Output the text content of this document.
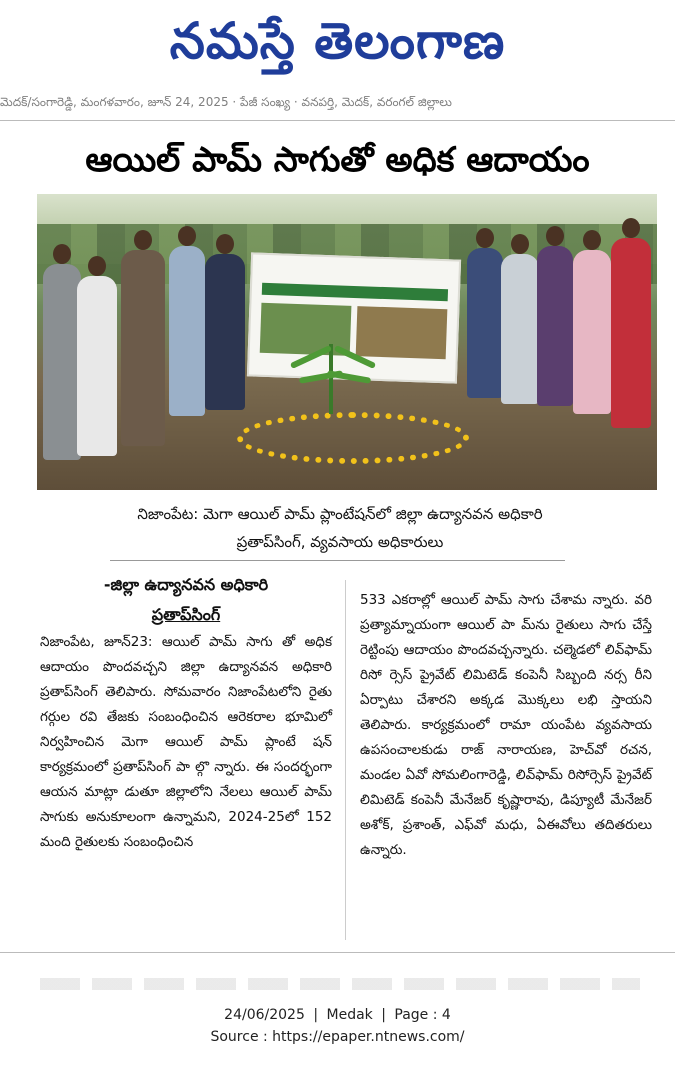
నమస్తే తెలంగాణ
మెదక్/సంగారెడ్డి, మంగళవారం, జూన్ 24, 2025 · పేజీ సంఖ్య · వనపర్తి, మెదక్, వరంగల్ జిల్లాలు
ఆయిల్ పామ్ సాగుతో అధిక ఆదాయం
నిజాంపేట: మెగా ఆయిల్ పామ్ ప్లాంటేషన్‌లో జిల్లా ఉద్యానవన అధికారి
ప్రతాప్‌సింగ్, వ్యవసాయ అధికారులు
-జిల్లా ఉద్యానవన అధికారి
ప్రతాప్‌సింగ్
నిజాంపేట, జూన్23: ఆయిల్ పామ్ సాగు తో అధిక ఆదాయం పొందవచ్చని జిల్లా ఉద్యానవన అధికారి ప్రతాప్‌సింగ్ తెలిపారు. సోమవారం నిజాంపేటలోని రైతు గర్గుల రవి తేజకు సంబంధించిన ఆరెకరాల భూమిలో నిర్వహించిన మెగా ఆయిల్ పామ్ ప్లాంటే షన్ కార్యక్రమంలో ప్రతాప్‌సింగ్ పా ల్గొ న్నారు. ఈ సందర్భంగా ఆయన మాట్లా డుతూ జిల్లాలోని నేలలు ఆయిల్ పామ్ సాగుకు అనుకూలంగా ఉన్నామని, 2024-25లో 152 మంది రైతులకు సంబంధించిన
533 ఎకరాల్లో ఆయిల్ పామ్ సాగు చేశామ న్నారు. వరి ప్రత్యామ్నాయంగా ఆయిల్ పా మ్‌ను రైతులు సాగు చేస్తే రెట్టింపు ఆదాయం పొందవచ్చన్నారు. చల్మెడలో లివ్‌ఫామ్ రిసో ర్సెస్ ప్రైవేట్ లిమిటెడ్ కంపెనీ సిబ్బంది నర్స రీని ఏర్పాటు చేశారని అక్కడ మొక్కలు లభి స్తాయని తెలిపారు. కార్యక్రమంలో రామా యంపేట వ్యవసాయ ఉపసంచాలకుడు రాజ్ నారాయణ, హెచ్‌వో రచన, మండల ఏవో సోమలింగారెడ్డి, లివ్‌ఫామ్ రిసోర్సెస్ ప్రైవేట్ లిమిటెడ్ కంపెనీ మేనేజర్ కృష్ణారావు, డిప్యూటీ మేనేజర్ అశోక్, ప్రశాంత్, ఎఫ్‌వో మధు, ఏఈవోలు తదితరులు ఉన్నారు.
24/06/2025 | Medak | Page : 4
Source : https://epaper.ntnews.com/
